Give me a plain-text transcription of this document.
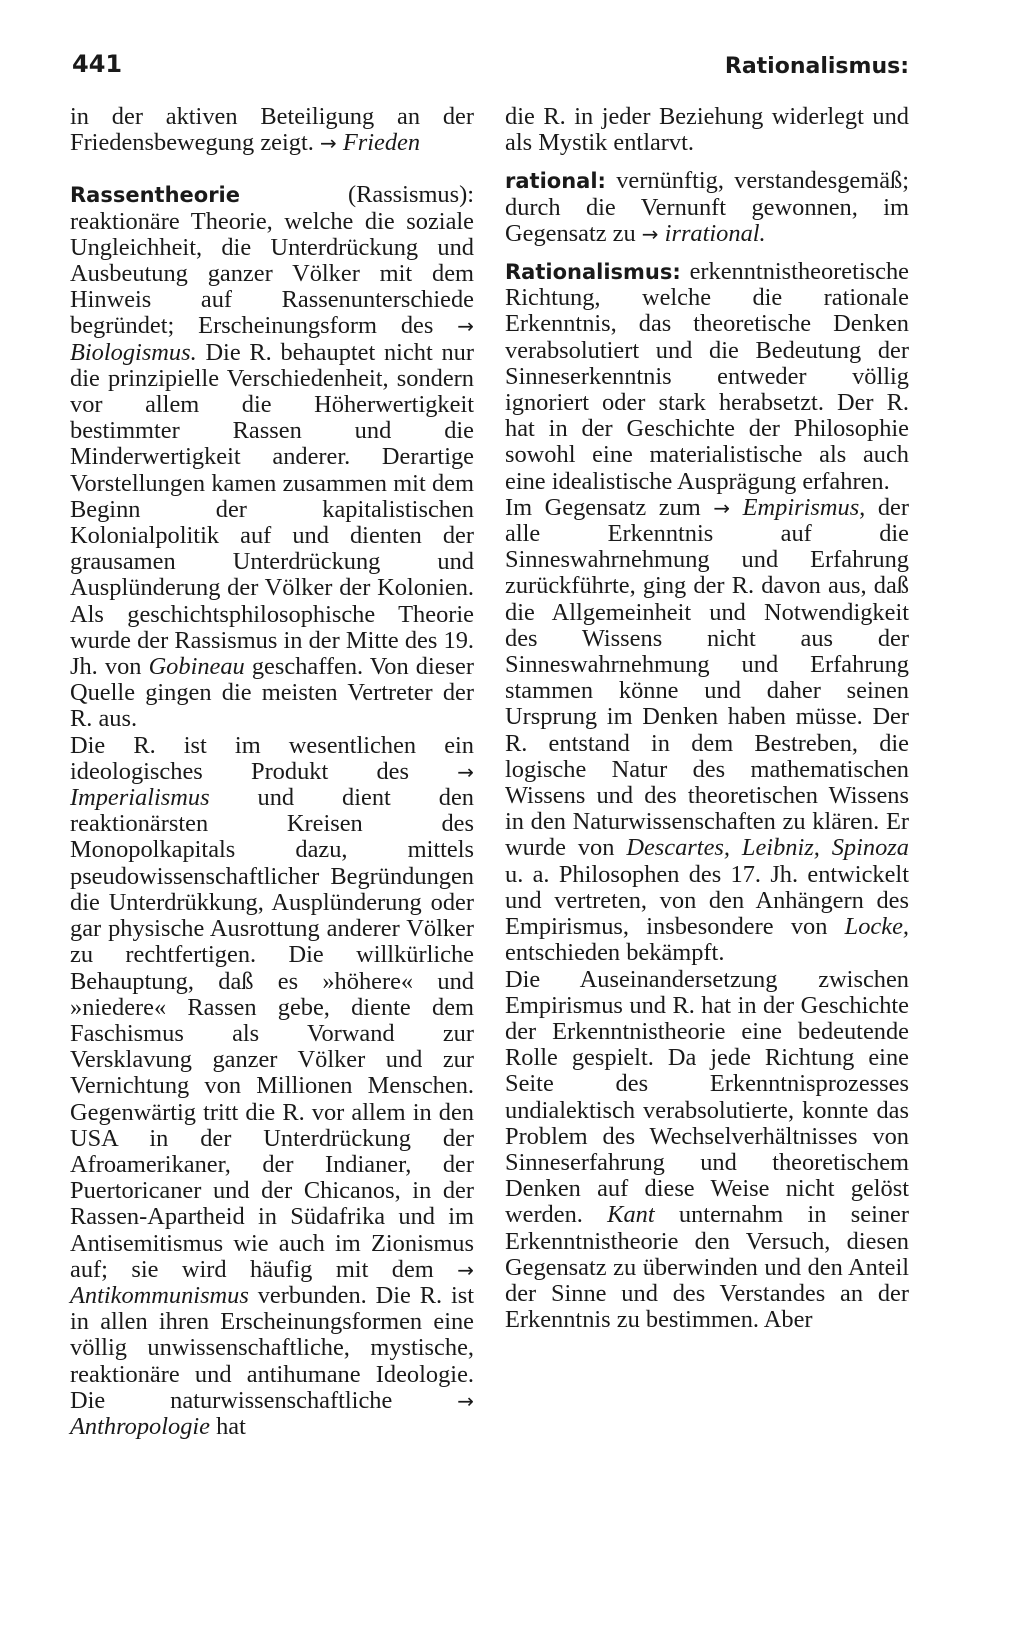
441	Rationalismus:

in der aktiven Beteiligung an der Friedensbewegung zeigt. → Frieden

Rassentheorie (Rassismus): reaktionäre Theorie, welche die soziale Ungleichheit, die Unterdrückung und Ausbeutung ganzer Völker mit dem Hinweis auf Rassenunterschiede begründet; Erscheinungsform des → Biologismus. Die R. behauptet nicht nur die prinzipielle Verschiedenheit, sondern vor allem die Höherwertigkeit bestimmter Rassen und die Minderwertigkeit anderer. Derartige Vorstellungen kamen zusammen mit dem Beginn der kapitalistischen Kolonialpolitik auf und dienten der grausamen Unterdrückung und Ausplünderung der Völker der Kolonien. Als geschichtsphilosophische Theorie wurde der Rassismus in der Mitte des 19. Jh. von Gobineau geschaffen. Von dieser Quelle gingen die meisten Vertreter der R. aus.

Die R. ist im wesentlichen ein ideologisches Produkt des → Imperialismus und dient den reaktionärsten Kreisen des Monopolkapitals dazu, mittels pseudowissenschaftlicher Begründungen die Unterdrükkung, Ausplünderung oder gar physische Ausrottung anderer Völker zu rechtfertigen. Die willkürliche Behauptung, daß es »höhere« und »niedere« Rassen gebe, diente dem Faschismus als Vorwand zur Versklavung ganzer Völker und zur Vernichtung von Millionen Menschen. Gegenwärtig tritt die R. vor allem in den USA in der Unterdrückung der Afroamerikaner, der Indianer, der Puertoricaner und der Chicanos, in der Rassen-Apartheid in Südafrika und im Antisemitismus wie auch im Zionismus auf; sie wird häufig mit dem → Antikommunismus verbunden. Die R. ist in allen ihren Erscheinungsformen eine völlig unwissenschaftliche, mystische, reaktionäre und antihumane Ideologie. Die naturwissenschaftliche → Anthropologie hat

die R. in jeder Beziehung widerlegt und als Mystik entlarvt.

rational: vernünftig, verstandesgemäß; durch die Vernunft gewonnen, im Gegensatz zu → irrational.

Rationalismus: erkenntnistheoretische Richtung, welche die rationale Erkenntnis, das theoretische Denken verabsolutiert und die Bedeutung der Sinneserkenntnis entweder völlig ignoriert oder stark herabsetzt. Der R. hat in der Geschichte der Philosophie sowohl eine materialistische als auch eine idealistische Ausprägung erfahren.

Im Gegensatz zum → Empirismus, der alle Erkenntnis auf die Sinneswahrnehmung und Erfahrung zurückführte, ging der R. davon aus, daß die Allgemeinheit und Notwendigkeit des Wissens nicht aus der Sinneswahrnehmung und Erfahrung stammen könne und daher seinen Ursprung im Denken haben müsse. Der R. entstand in dem Bestreben, die logische Natur des mathematischen Wissens und des theoretischen Wissens in den Naturwissenschaften zu klären. Er wurde von Descartes, Leibniz, Spinoza u. a. Philosophen des 17. Jh. entwickelt und vertreten, von den Anhängern des Empirismus, insbesondere von Locke, entschieden bekämpft.

Die Auseinandersetzung zwischen Empirismus und R. hat in der Geschichte der Erkenntnistheorie eine bedeutende Rolle gespielt. Da jede Richtung eine Seite des Erkenntnisprozesses undialektisch verabsolutierte, konnte das Problem des Wechselverhältnisses von Sinneserfahrung und theoretischem Denken auf diese Weise nicht gelöst werden. Kant unternahm in seiner Erkenntnistheorie den Versuch, diesen Gegensatz zu überwinden und den Anteil der Sinne und des Verstandes an der Erkenntnis zu bestimmen. Aber
